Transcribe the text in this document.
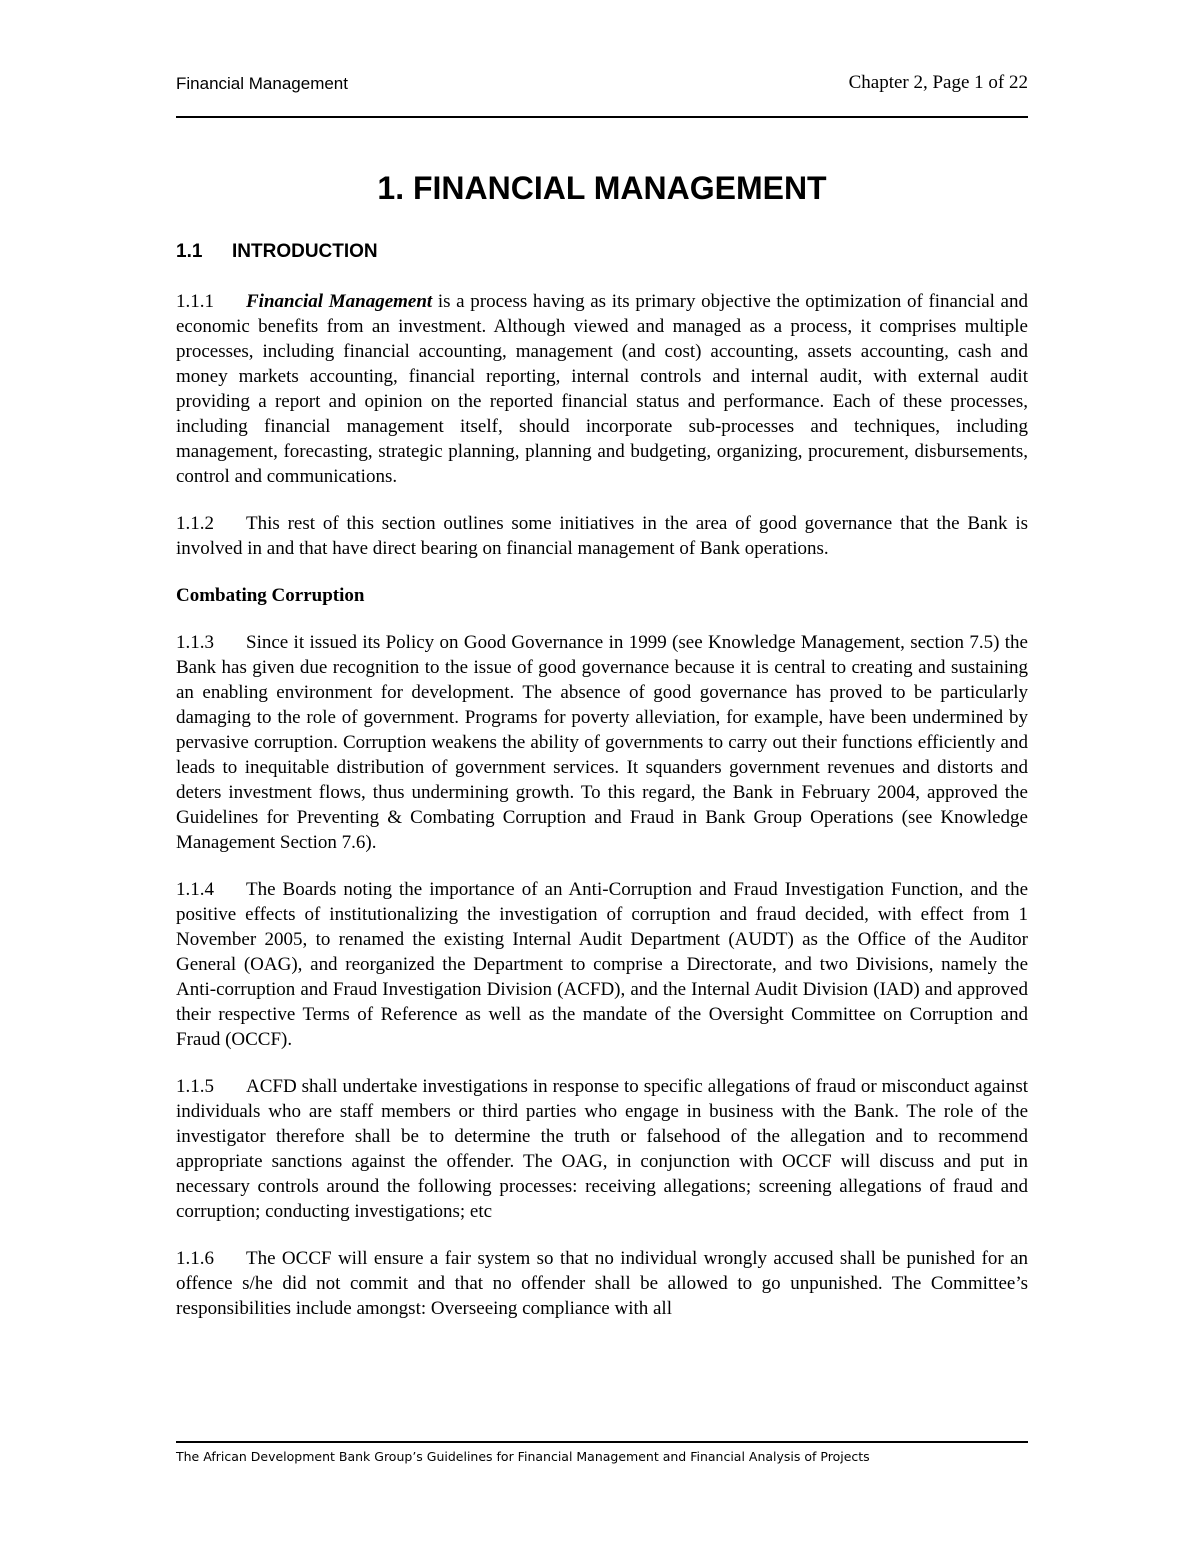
Financial Management	Chapter 2, Page 1 of 22
1. FINANCIAL MANAGEMENT
1.1 INTRODUCTION

1.1.1 Financial Management is a process having as its primary objective the optimization of financial and economic benefits from an investment. Although viewed and managed as a process, it comprises multiple processes, including financial accounting, management (and cost) accounting, assets accounting, cash and money markets accounting, financial reporting, internal controls and internal audit, with external audit providing a report and opinion on the reported financial status and performance. Each of these processes, including financial management itself, should incorporate sub-processes and techniques, including management, forecasting, strategic planning, planning and budgeting, organizing, procurement, disbursements, control and communications.

1.1.2 This rest of this section outlines some initiatives in the area of good governance that the Bank is involved in and that have direct bearing on financial management of Bank operations.

Combating Corruption

1.1.3 Since it issued its Policy on Good Governance in 1999 (see Knowledge Management, section 7.5) the Bank has given due recognition to the issue of good governance because it is central to creating and sustaining an enabling environment for development. The absence of good governance has proved to be particularly damaging to the role of government. Programs for poverty alleviation, for example, have been undermined by pervasive corruption. Corruption weakens the ability of governments to carry out their functions efficiently and leads to inequitable distribution of government services. It squanders government revenues and distorts and deters investment flows, thus undermining growth. To this regard, the Bank in February 2004, approved the Guidelines for Preventing & Combating Corruption and Fraud in Bank Group Operations (see Knowledge Management Section 7.6).

1.1.4 The Boards noting the importance of an Anti-Corruption and Fraud Investigation Function, and the positive effects of institutionalizing the investigation of corruption and fraud decided, with effect from 1 November 2005, to renamed the existing Internal Audit Department (AUDT) as the Office of the Auditor General (OAG), and reorganized the Department to comprise a Directorate, and two Divisions, namely the Anti-corruption and Fraud Investigation Division (ACFD), and the Internal Audit Division (IAD) and approved their respective Terms of Reference as well as the mandate of the Oversight Committee on Corruption and Fraud (OCCF).

1.1.5 ACFD shall undertake investigations in response to specific allegations of fraud or misconduct against individuals who are staff members or third parties who engage in business with the Bank. The role of the investigator therefore shall be to determine the truth or falsehood of the allegation and to recommend appropriate sanctions against the offender. The OAG, in conjunction with OCCF will discuss and put in necessary controls around the following processes: receiving allegations; screening allegations of fraud and corruption; conducting investigations; etc

1.1.6 The OCCF will ensure a fair system so that no individual wrongly accused shall be punished for an offence s/he did not commit and that no offender shall be allowed to go unpunished. The Committee’s responsibilities include amongst: Overseeing compliance with all

The African Development Bank Group’s Guidelines for Financial Management and Financial Analysis of Projects
